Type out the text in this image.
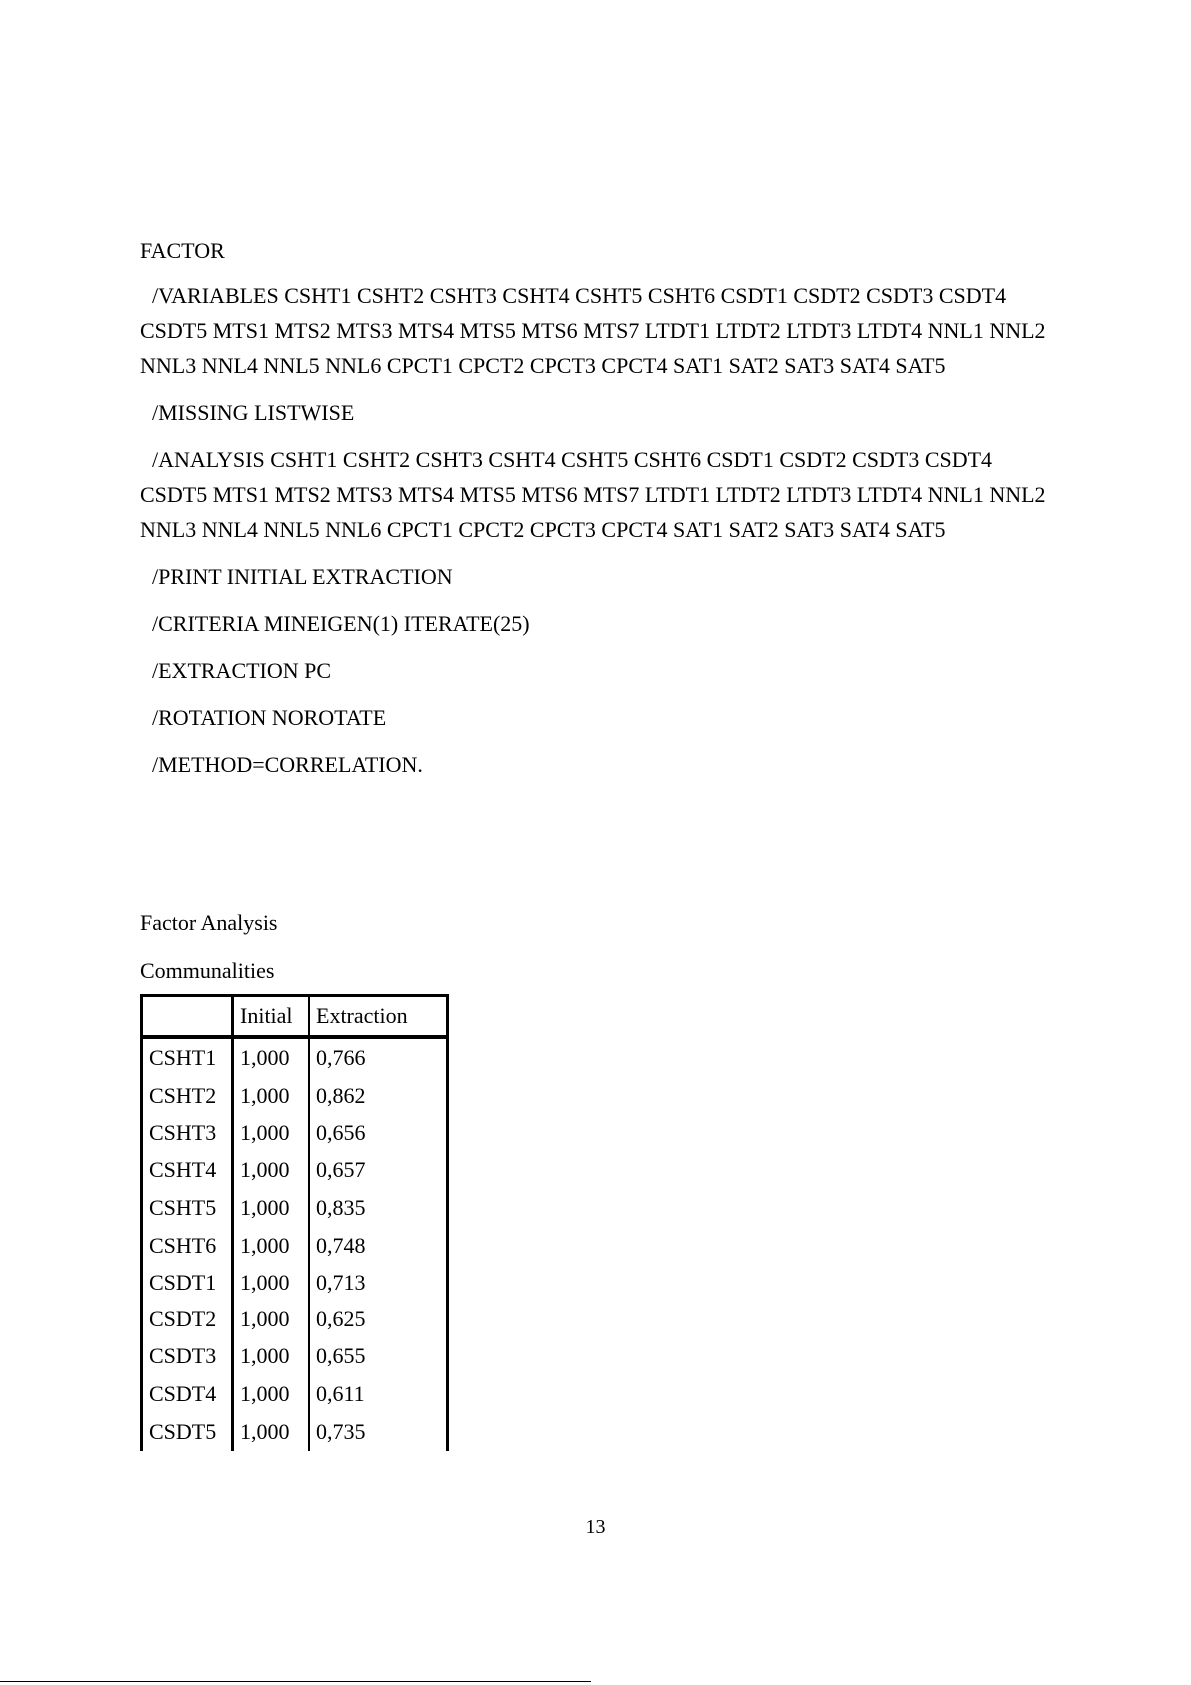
FACTOR
/VARIABLES CSHT1 CSHT2 CSHT3 CSHT4 CSHT5 CSHT6 CSDT1 CSDT2 CSDT3 CSDT4 CSDT5 MTS1 MTS2 MTS3 MTS4 MTS5 MTS6 MTS7 LTDT1 LTDT2 LTDT3 LTDT4 NNL1 NNL2 NNL3 NNL4 NNL5 NNL6 CPCT1 CPCT2 CPCT3 CPCT4 SAT1 SAT2 SAT3 SAT4 SAT5
/MISSING LISTWISE
/ANALYSIS CSHT1 CSHT2 CSHT3 CSHT4 CSHT5 CSHT6 CSDT1 CSDT2 CSDT3 CSDT4 CSDT5 MTS1 MTS2 MTS3 MTS4 MTS5 MTS6 MTS7 LTDT1 LTDT2 LTDT3 LTDT4 NNL1 NNL2 NNL3 NNL4 NNL5 NNL6 CPCT1 CPCT2 CPCT3 CPCT4 SAT1 SAT2 SAT3 SAT4 SAT5
/PRINT INITIAL EXTRACTION
/CRITERIA MINEIGEN(1) ITERATE(25)
/EXTRACTION PC
/ROTATION NOROTATE
/METHOD=CORRELATION.
Factor Analysis
Communalities
	Initial	Extraction
CSHT1	1,000	0,766
CSHT2	1,000	0,862
CSHT3	1,000	0,656
CSHT4	1,000	0,657
CSHT5	1,000	0,835
CSHT6	1,000	0,748
CSDT1	1,000	0,713
CSDT2	1,000	0,625
CSDT3	1,000	0,655
CSDT4	1,000	0,611
CSDT5	1,000	0,735
13
